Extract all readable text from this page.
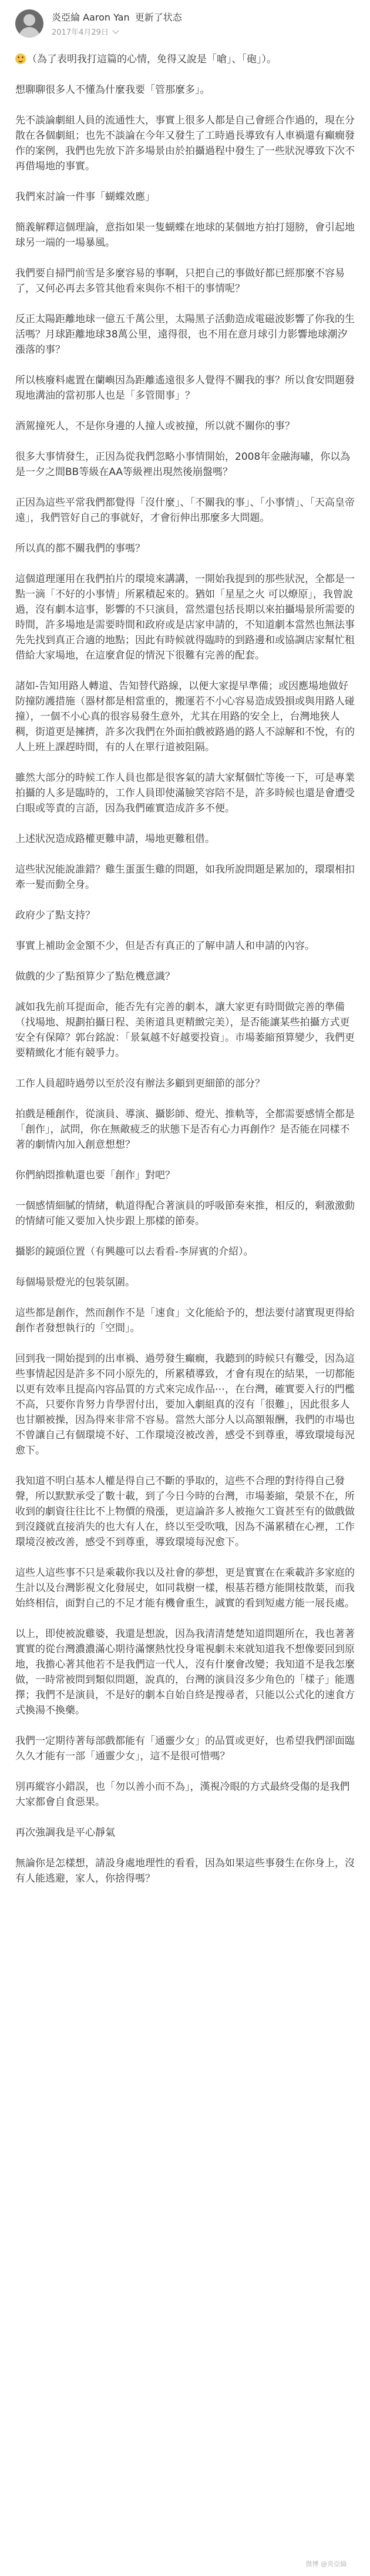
炎亞綸 Aaron Yan 更新了状态
2017年4月29日

（為了表明我打這篇的心情，免得又說是「嗆」、「砲」）。

想聊聊很多人不懂為什麼我要「管那麼多」。

先不談論劇組人員的流通性大，事實上很多人都是自己會經合作過的，現在分散在各個劇組；也先不談論在今年又發生了工時過長導致有人車禍還有癲癇發作的案例，我們也先放下許多場景由於拍攝過程中發生了一些狀況導致下次不再借場地的事實。

我們來討論一件事「蝴蝶效應」

簡義解釋這個理論，意指如果一隻蝴蝶在地球的某個地方拍打翅膀，會引起地球另一端的一場暴風。

我們要自掃門前雪是多麼容易的事啊，只把自己的事做好都已經那麼不容易了，又何必再去多管其他看來與你不相干的事情呢？

反正太陽距離地球一億五千萬公里，太陽黑子活動造成電磁波影響了你我的生活嗎？月球距離地球38萬公里，遠得很，也不用在意月球引力影響地球潮汐漲落的事？

所以核廢料處置在蘭嶼因為距離遙遠很多人覺得不關我的事？所以食安問題發現地溝油的當初那人也是「多管閒事」？

酒駕撞死人，不是你身邊的人撞人或被撞，所以就不關你的事？

很多大事情發生，正因為從我們忽略小事情開始，2008年金融海嘯，你以為是一夕之間BB等級在AA等級裡出現然後崩盤嗎？

正因為這些平常我們都覺得「沒什麼」、「不關我的事」、「小事情」、「天高皇帝遠」，我們管好自己的事就好，才會衍伸出那麼多大問題。

所以真的都不關我們的事嗎？

這個道理運用在我們拍片的環境來講講，一開始我提到的那些狀況，全都是一點一滴「不好的小事情」所累積起來的。猶如「星星之火 可以燎原」，我曾說過，沒有劇本這事，影響的不只演員，當然還包括長期以來拍攝場景所需要的時間，許多場地是需要時間和政府或是店家申請的，不知道劇本當然也無法事先先找到真正合適的地點；因此有時候就得臨時的到路邊和或協調店家幫忙租借給大家場地，在這麼倉促的情況下很難有完善的配套。

諸如-告知用路人轉道、告知替代路線，以便大家提早準備；或因應場地做好防撞防護措施（器材都是相當重的，搬運若不小心容易造成毀損或與用路人碰撞），一個不小心真的很容易發生意外，尤其在用路的安全上，台灣地狹人稠，街道更是擁擠，許多次我們在外面拍戲被路過的路人不諒解和不悅，有的人上班上課趕時間，有的人在單行道被阻隔。

雖然大部分的時候工作人員也都是很客氣的請大家幫個忙等後一下，可是專業拍攝的人多是臨時的，工作人員即使滿臉笑容陪不是，許多時候也還是會遭受白眼或等責的言語，因為我們確實造成許多不便。

上述狀況造成路權更難申請，場地更難租借。

這些狀況能說誰錯？雞生蛋蛋生雞的問題，如我所說問題是累加的，環環相扣牽一髮而動全身。

政府少了點支持？

事實上補助金金額不少，但是否有真正的了解申請人和申請的內容。

做戲的少了點預算少了點危機意識？

誠如我先前耳提面命，能否先有完善的劇本，讓大家更有時間做完善的準備（找場地、規劃拍攝日程、美術道具更精緻完美），是否能讓某些拍攝方式更安全有保障？郭台銘說：「景氣越不好越要投資」。市場萎縮預算變少，我們更要精緻化才能有競爭力。

工作人員超時過勞以至於沒有辦法多顧到更細節的部分？

拍戲是種創作，從演員、導演、攝影師、燈光、推軌等，全都需要感情全都是「創作」，試問，你在無敵疲乏的狀態下是否有心力再創作？是否能在同樣不著的劇情內加入創意想想？

你們納悶推軌還也要「創作」對吧？

一個感情細膩的情緒，軌道得配合著演員的呼吸節奏來推，相反的，剩激激動的情緒可能又要加入快步跟上那樣的節奏。

攝影的鏡頭位置（有興趣可以去看看-李屏賓的介紹）。

每個場景燈光的包裝氛圍。

這些都是創作，然而創作不是「速食」文化能給予的，想法要付諸實現更得給創作者發想執行的「空間」。

回到我一開始提到的出車禍、過勞發生癲癇，我聽到的時候只有難受，因為這些事情起因是許多不同小原先的，所累積導致，才會有現在的結果，一切都能以更有效率且提高內容品質的方式來完成作品⋯，在台灣，確實要入行的門檻不高，只要你肯努力肯學習付出，要加入劇組真的沒有「很難」，因此很多人也甘願被操，因為得來非常不容易。當然大部分人以高額報酬，我們的市場也不曾讓自己有個環境不好、工作環境沒被改善，感受不到尊重，導致環境每況愈下。

我知道不明白基本人權是得自己不斷的爭取的，這些不合理的對待得自己發聲，所以默默承受了數十載，到了今日今時的台灣，市場萎縮，榮景不在，所收到的劇資往往比不上物價的飛漲，更這論許多人被拖欠工資甚至有的做戲做到沒錢就直接消失的也大有人在，終以至受吹哦，因為不滿累積在心裡，工作環境沒被改善，感受不到尊重，導致環境每況愈下。

這些人這些事不只是乘載你我以及社會的夢想，更是實實在在乘載許多家庭的生計以及台灣影視文化發展史，如同栽樹一樣，根基若穩方能開枝散葉，而我始終相信，面對自己的不足才能有機會重生，誠實的看到短處方能一展長處。

以上，即使被說雞婆，我還是想說，因為我清清楚楚知道問題所在，我也著著實實的從台灣濃濃滿心期待滿懷熱忱投身電視劇未來就知道我不想像要回到原地，我擔心著其他若不是我們這一代人，沒有什麼會改變；我知道不是我怎麼做，一時常被問到類似問題，說真的，台灣的演員沒多少角色的「樣子」能選擇；我們不是演員，不是好的劇本自始自終是搜尋者，只能以公式化的速食方式換湯不換藥。

我們一定期待著每部戲都能有「通靈少女」的品質或更好，也希望我們卻面臨久久才能有一部「通靈少女」，這不是很可惜嗎？

別再縱容小錯誤，也「勿以善小而不為」，漢視冷眼的方式最終受傷的是我們大家都會自食惡果。

再次強調我是平心靜氣

無論你是怎樣想，請設身處地理性的看看，因為如果這些事發生在你身上，沒有人能逃避，家人，你捨得嗎？

微博 @炎亞綸
